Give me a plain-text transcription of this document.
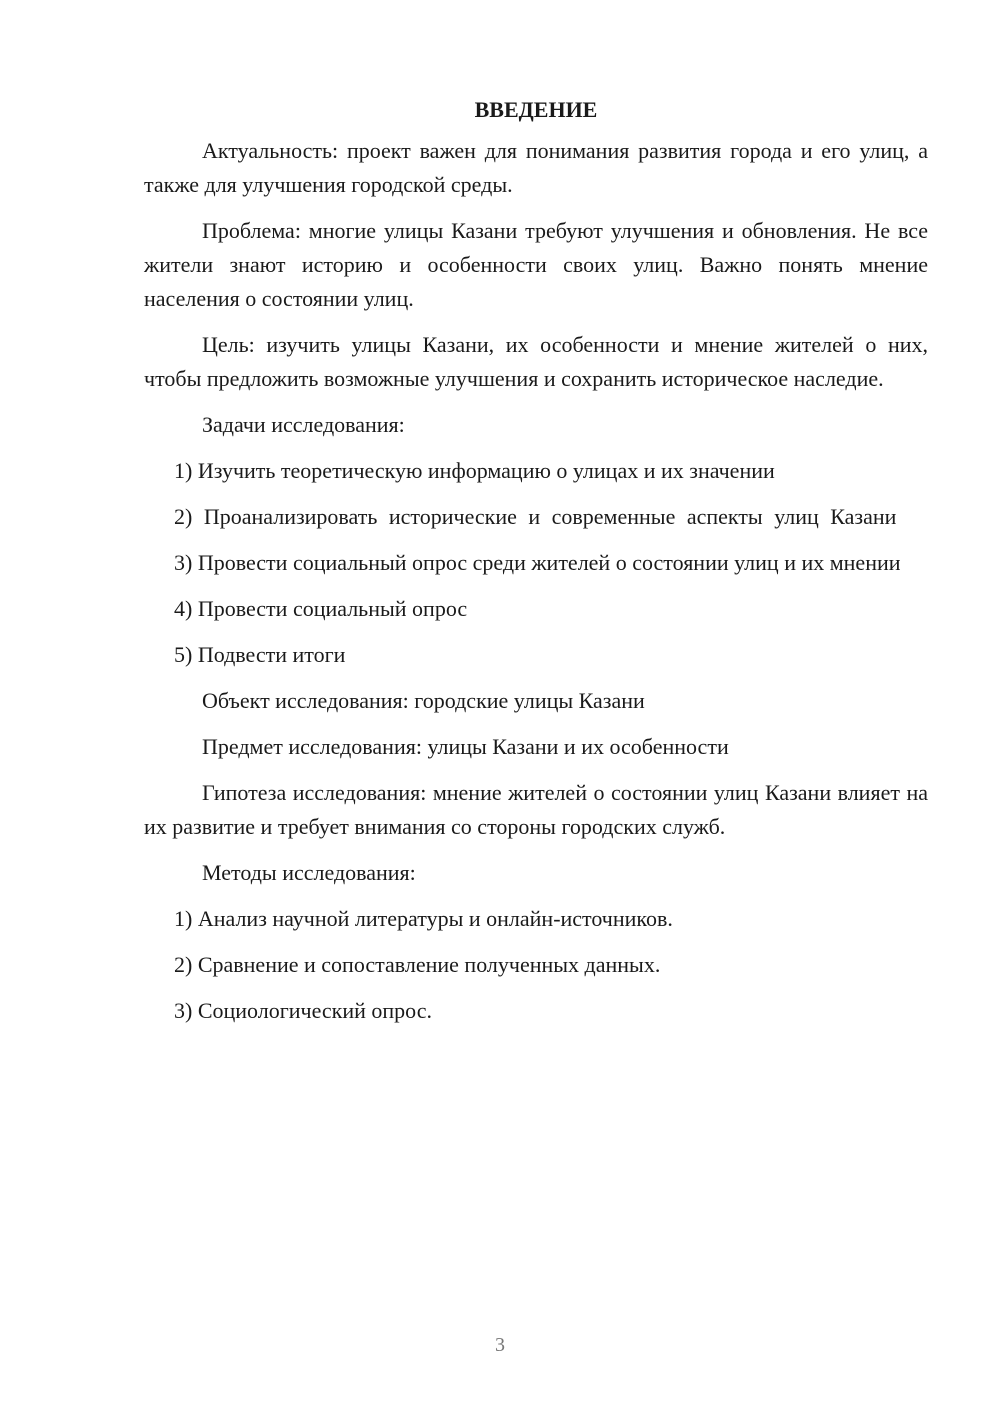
ВВЕДЕНИЕ

Актуальность: проект важен для понимания развития города и его улиц, а также для улучшения городской среды.

Проблема: многие улицы Казани требуют улучшения и обновления. Не все жители знают историю и особенности своих улиц. Важно понять мнение населения о состоянии улиц.

Цель: изучить улицы Казани, их особенности и мнение жителей о них, чтобы предложить возможные улучшения и сохранить историческое наследие.

Задачи исследования:

1) Изучить теоретическую информацию о улицах и их значении

2) Проанализировать исторические и современные аспекты улиц Казани

3) Провести социальный опрос среди жителей о состоянии улиц и их мнении

4) Провести социальный опрос

5) Подвести итоги

Объект исследования: городские улицы Казани

Предмет исследования: улицы Казани и их особенности

Гипотеза исследования: мнение жителей о состоянии улиц Казани влияет на их развитие и требует внимания со стороны городских служб.

Методы исследования:

1) Анализ научной литературы и онлайн-источников.

2) Сравнение и сопоставление полученных данных.

3) Социологический опрос.

3
